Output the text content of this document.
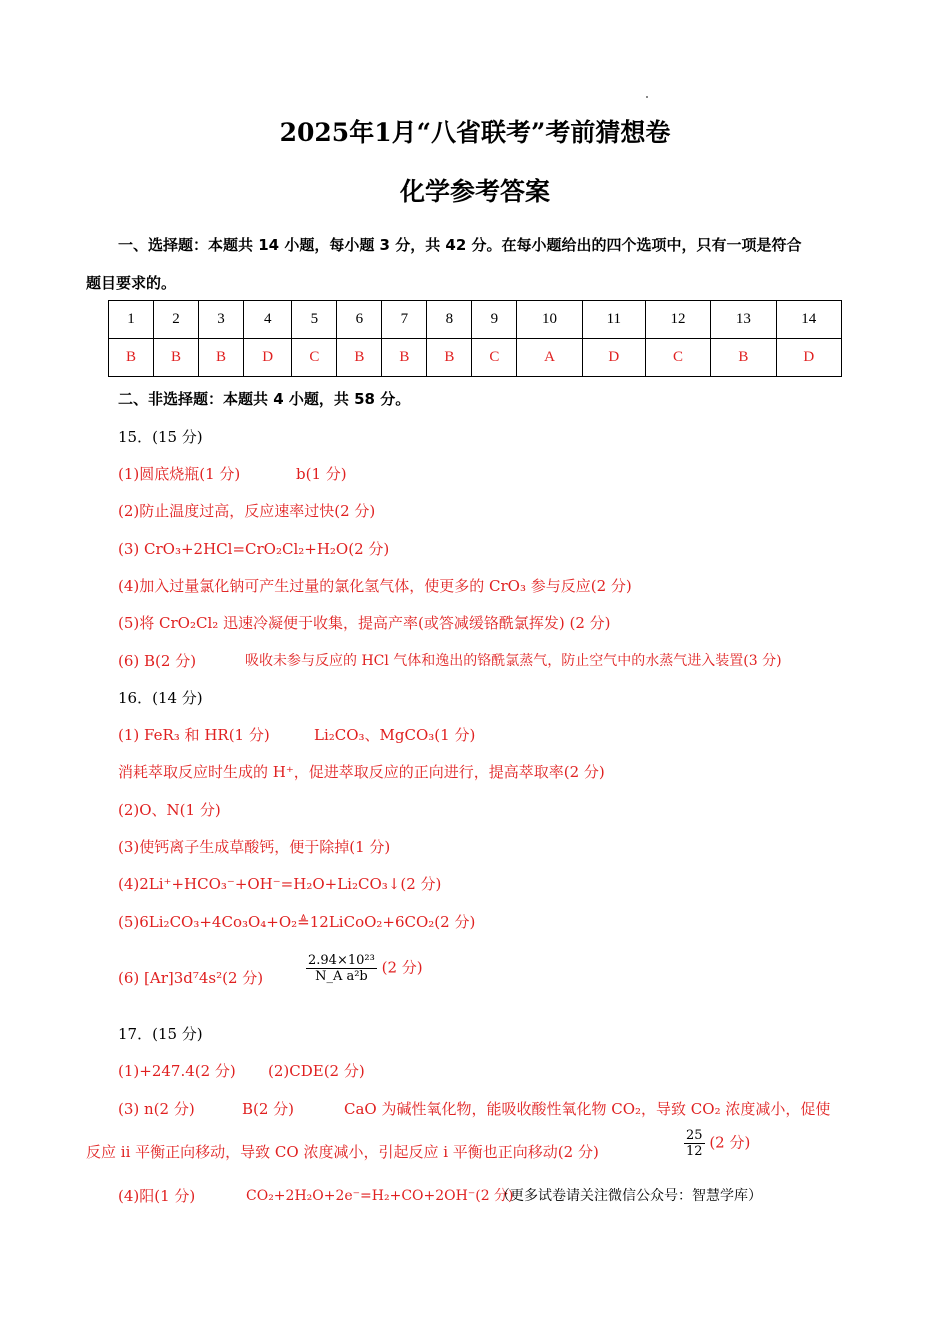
2025年1月“八省联考”考前猜想卷
化学参考答案
一、选择题：本题共 14 小题，每小题 3 分，共 42 分。在每小题给出的四个选项中，只有一项是符合
题目要求的。
1	2	3	4	5	6	7	8	9	10	11	12	13	14
B	B	B	D	C	B	B	B	C	A	D	C	B	D
二、非选择题：本题共 4 小题，共 58 分。
15．(15 分)
(1)圆底烧瓶(1 分)	b(1 分)
(2)防止温度过高，反应速率过快(2 分)
(3) CrO₃+2HCl=CrO₂Cl₂+H₂O(2 分)
(4)加入过量氯化钠可产生过量的氯化氢气体，使更多的 CrO₃ 参与反应(2 分)
(5)将 CrO₂Cl₂ 迅速冷凝便于收集，提高产率(或答减缓铬酰氯挥发) (2 分)
(6) B(2 分)	吸收未参与反应的 HCl 气体和逸出的铬酰氯蒸气，防止空气中的水蒸气进入装置(3 分)
16．(14 分)
(1) FeR₃ 和 HR(1 分)	Li₂CO₃、MgCO₃(1 分)
消耗萃取反应时生成的 H⁺，促进萃取反应的正向进行，提高萃取率(2 分)
(2)O、N(1 分)
(3)使钙离子生成草酸钙，便于除掉(1 分)
(4)2Li⁺+HCO₃⁻+OH⁻=H₂O+Li₂CO₃↓(2 分)
(5)6Li₂CO₃+4Co₃O₄+O₂≜12LiCoO₂+6CO₂(2 分)
(6) [Ar]3d⁷4s²(2 分)	$\frac{\text{2.94×10²³}}{\text{N\_A a²b}} (2$ 分)
17．(15 分)
(1)+247.4(2 分) (2)CDE(2 分)
(3) n(2 分)	B(2 分)	CaO 为碱性氧化物，能吸收酸性氧化物 CO₂，导致 CO₂ 浓度减小，促使
反应 ii 平衡正向移动，导致 CO 浓度减小，引起反应 i 平衡也正向移动(2 分)	$\frac{25}{12} (2$ 分)
(4)阳(1 分)	CO₂+2H₂O+2e⁻=H₂+CO+2OH⁻(2 分)
（更多试卷请关注微信公众号：智慧学库）
